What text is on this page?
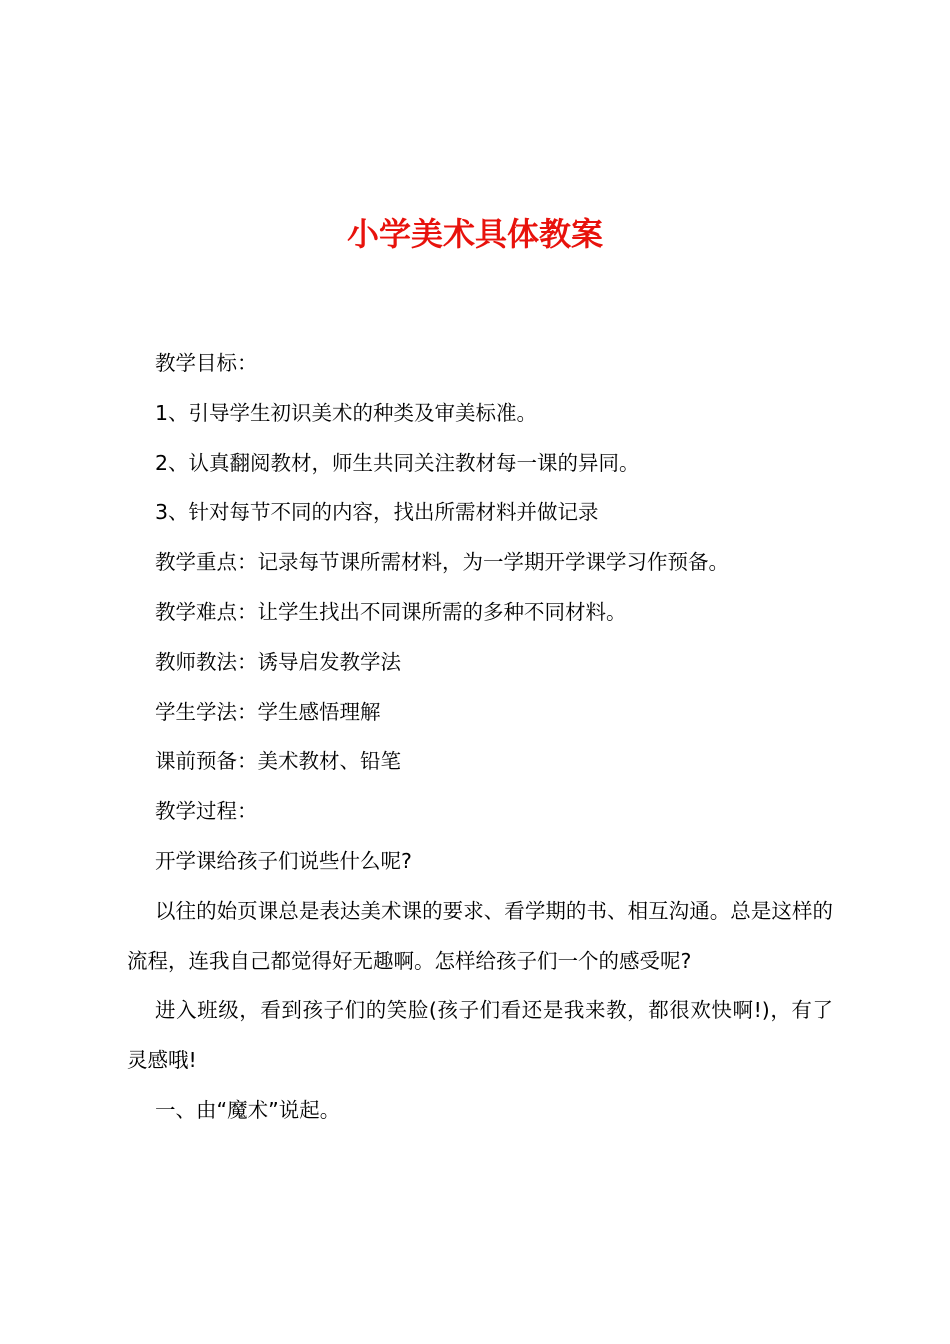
小学美术具体教案

教学目标：

1、引导学生初识美术的种类及审美标准。

2、认真翻阅教材，师生共同关注教材每一课的异同。

3、针对每节不同的内容，找出所需材料并做记录

教学重点：记录每节课所需材料，为一学期开学课学习作预备。

教学难点：让学生找出不同课所需的多种不同材料。

教师教法：诱导启发教学法

学生学法：学生感悟理解

课前预备：美术教材、铅笔

教学过程：

开学课给孩子们说些什么呢?

以往的始页课总是表达美术课的要求、看学期的书、相互沟通。总是这样的流程，连我自己都觉得好无趣啊。怎样给孩子们一个的感受呢?

进入班级，看到孩子们的笑脸(孩子们看还是我来教，都很欢快啊!)，有了灵感哦!

一、由“魔术”说起。
